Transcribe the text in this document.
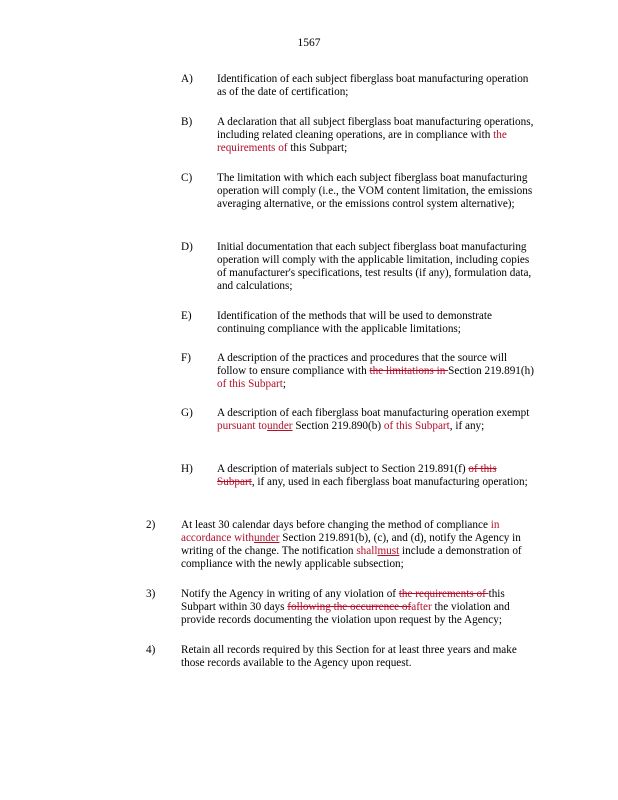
1567
A) Identification of each subject fiberglass boat manufacturing operation as of the date of certification;
B) A declaration that all subject fiberglass boat manufacturing operations, including related cleaning operations, are in compliance with the requirements of this Subpart;
C) The limitation with which each subject fiberglass boat manufacturing operation will comply (i.e., the VOM content limitation, the emissions averaging alternative, or the emissions control system alternative);
D) Initial documentation that each subject fiberglass boat manufacturing operation will comply with the applicable limitation, including copies of manufacturer's specifications, test results (if any), formulation data, and calculations;
E) Identification of the methods that will be used to demonstrate continuing compliance with the applicable limitations;
F) A description of the practices and procedures that the source will follow to ensure compliance with the limitations in Section 219.891(h) of this Subpart;
G) A description of each fiberglass boat manufacturing operation exempt pursuant tounder Section 219.890(b) of this Subpart, if any;
H) A description of materials subject to Section 219.891(f) of this Subpart, if any, used in each fiberglass boat manufacturing operation;
2) At least 30 calendar days before changing the method of compliance in accordance withunder Section 219.891(b), (c), and (d), notify the Agency in writing of the change. The notification shallmust include a demonstration of compliance with the newly applicable subsection;
3) Notify the Agency in writing of any violation of the requirements of this Subpart within 30 days following the occurrence ofafter the violation and provide records documenting the violation upon request by the Agency;
4) Retain all records required by this Section for at least three years and make those records available to the Agency upon request.
